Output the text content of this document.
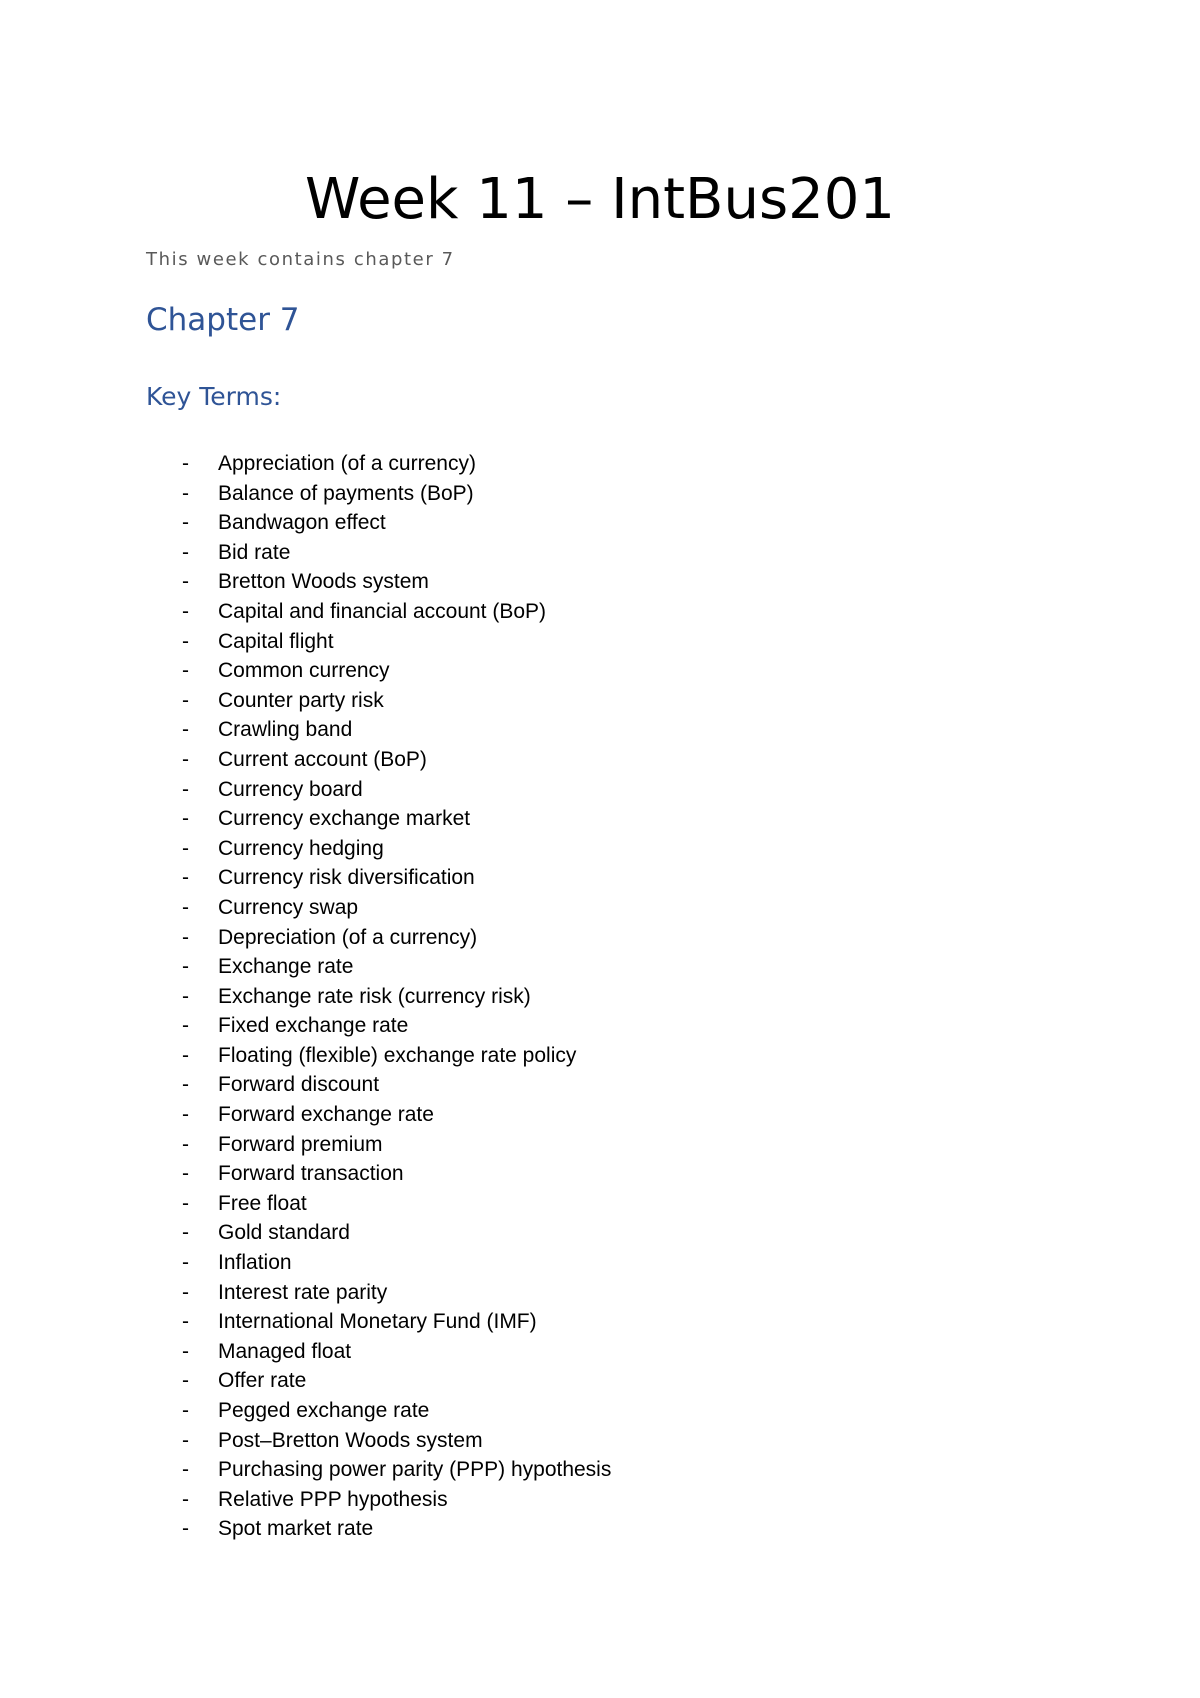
Week 11 – IntBus201

This week contains chapter 7

Chapter 7
Key Terms:
- Appreciation (of a currency)
- Balance of payments (BoP)
- Bandwagon effect
- Bid rate
- Bretton Woods system
- Capital and financial account (BoP)
- Capital flight
- Common currency
- Counter party risk
- Crawling band
- Current account (BoP)
- Currency board
- Currency exchange market
- Currency hedging
- Currency risk diversification
- Currency swap
- Depreciation (of a currency)
- Exchange rate
- Exchange rate risk (currency risk)
- Fixed exchange rate
- Floating (flexible) exchange rate policy
- Forward discount
- Forward exchange rate
- Forward premium
- Forward transaction
- Free float
- Gold standard
- Inflation
- Interest rate parity
- International Monetary Fund (IMF)
- Managed float
- Offer rate
- Pegged exchange rate
- Post–Bretton Woods system
- Purchasing power parity (PPP) hypothesis
- Relative PPP hypothesis
- Spot market rate
